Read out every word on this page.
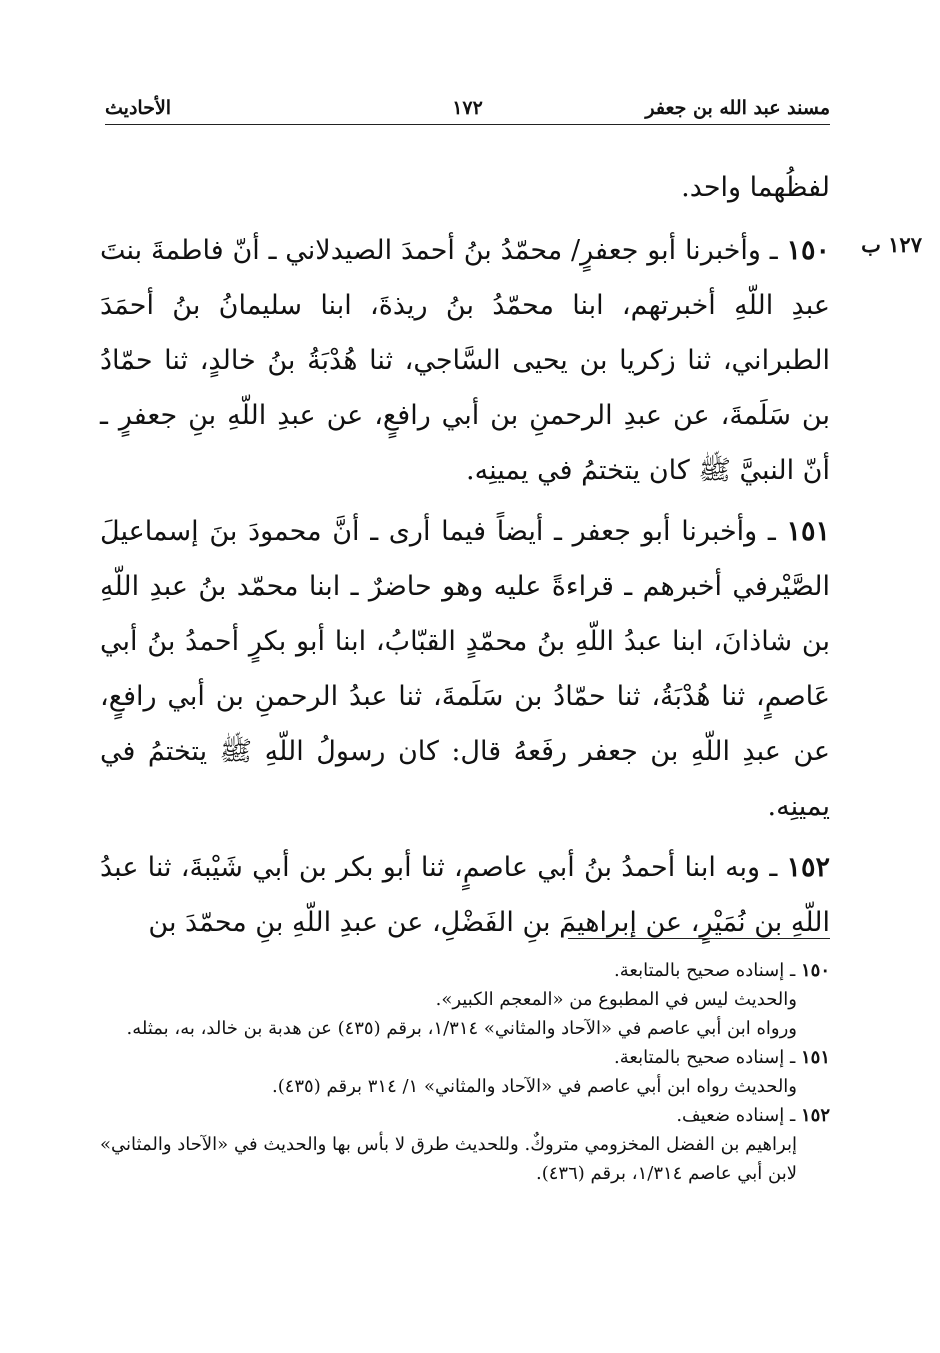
مسند عبد الله بن جعفر
١٧٢
الأحاديث
١٢٧ ب

لفظُهما واحد.

١٥٠ ـ وأخبرنا أبو جعفرٍ/ محمّدُ بنُ أحمدَ الصيدلاني ـ أنّ فاطمةَ بنتَ عبدِ اللّهِ أخبرتهم، ابنا محمّدُ بنُ ريذةَ، ابنا سليمانُ بنُ أحمَدَ الطبراني، ثنا زكريا بن يحيى السَّاجي، ثنا هُدْبَةُ بنُ خالدٍ، ثنا حمّادُ بن سَلَمةَ، عن عبدِ الرحمنِ بن أبي رافعٍ، عن عبدِ اللّهِ بنِ جعفرٍ ـ أنّ النبيَّ ﷺ كان يتختمُ في يمينِه.

١٥١ ـ وأخبرنا أبو جعفر ـ أيضاً فيما أرى ـ أنَّ محمودَ بنَ إسماعيلَ الصَّيْرفي أخبرهم ـ قراءةً عليه وهو حاضرٌ ـ ابنا محمّد بنُ عبدِ اللّهِ بن شاذانَ، ابنا عبدُ اللّهِ بنُ محمّدٍ القبّابُ، ابنا أبو بكرٍ أحمدُ بنُ أبي عَاصمٍ، ثنا هُدْبَةُ، ثنا حمّادُ بن سَلَمةَ، ثنا عبدُ الرحمنِ بن أبي رافعٍ، عن عبدِ اللّهِ بن جعفر رفَعهُ قال: كان رسولُ اللّهِ ﷺ يتختمُ في يمينِه.

١٥٢ ـ وبه ابنا أحمدُ بنُ أبي عاصمٍ، ثنا أبو بكر بن أبي شَيْبةَ، ثنا عبدُ اللّهِ بن نُمَيْرٍ، عن إبراهيمَ بنِ الفَضْلِ، عن عبدِ اللّهِ بنِ محمّدَ بن

١٥٠ ـ إسناده صحيح بالمتابعة.

والحديث ليس في المطبوع من «المعجم الكبير».

ورواه ابن أبي عاصم في «الآحاد والمثاني» ١/٣١٤، برقم (٤٣٥) عن هدبة بن خالد، به، بمثله.

١٥١ ـ إسناده صحيح بالمتابعة.

والحديث رواه ابن أبي عاصم في «الآحاد والمثاني» ١/ ٣١٤ برقم (٤٣٥).

١٥٢ ـ إسناده ضعيف.

إبراهيم بن الفضل المخزومي متروكٌ. وللحديث طرق لا بأس بها والحديث في «الآحاد والمثاني» لابن أبي عاصم ١/٣١٤، برقم (٤٣٦).
